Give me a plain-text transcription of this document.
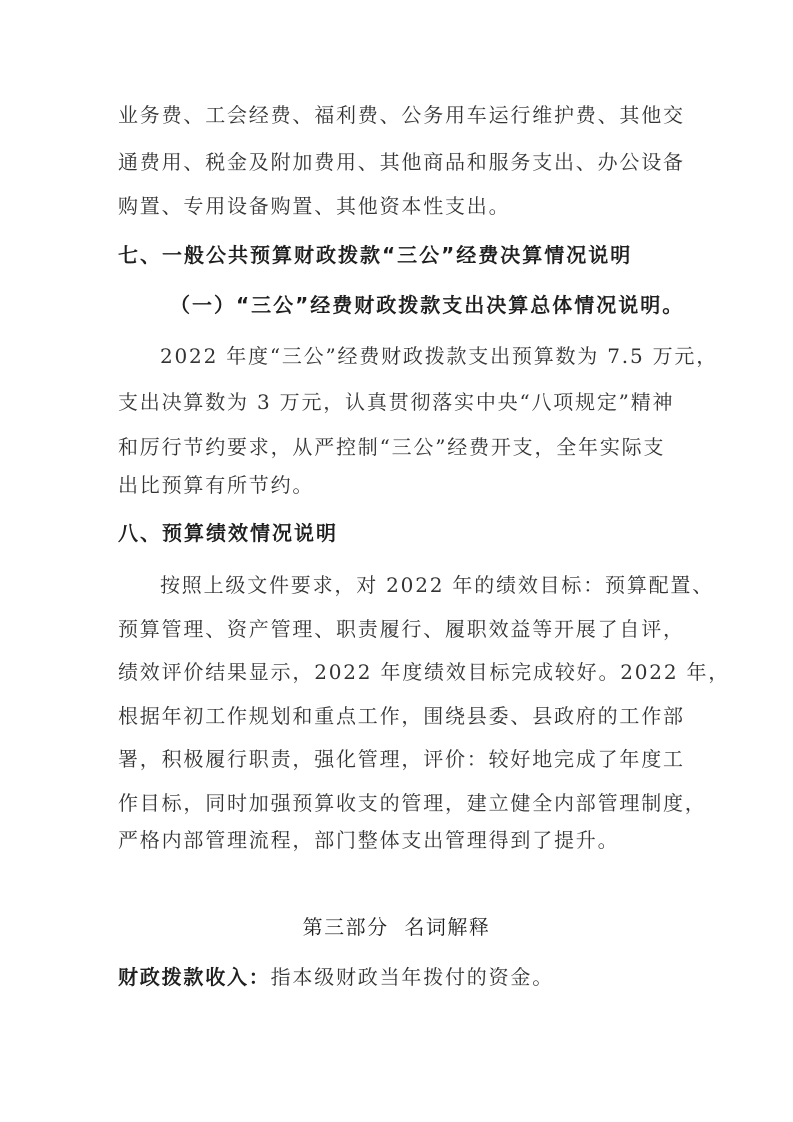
业务费、工会经费、福利费、公务用车运行维护费、其他交
通费用、税金及附加费用、其他商品和服务支出、办公设备
购置、专用设备购置、其他资本性支出。
七、一般公共预算财政拨款“三公”经费决算情况说明
（一）“三公”经费财政拨款支出决算总体情况说明。
2022 年度“三公”经费财政拨款支出预算数为 7.5 万元，
支出决算数为 3 万元，认真贯彻落实中央“八项规定”精神
和厉行节约要求，从严控制“三公”经费开支，全年实际支
出比预算有所节约。
八、预算绩效情况说明
按照上级文件要求，对 2022 年的绩效目标：预算配置、
预算管理、资产管理、职责履行、履职效益等开展了自评，
绩效评价结果显示，2022 年度绩效目标完成较好。2022 年，
根据年初工作规划和重点工作，围绕县委、县政府的工作部
署，积极履行职责，强化管理，评价：较好地完成了年度工
作目标，同时加强预算收支的管理，建立健全内部管理制度，
严格内部管理流程，部门整体支出管理得到了提升。
第三部分  名词解释
财政拨款收入：指本级财政当年拨付的资金。
